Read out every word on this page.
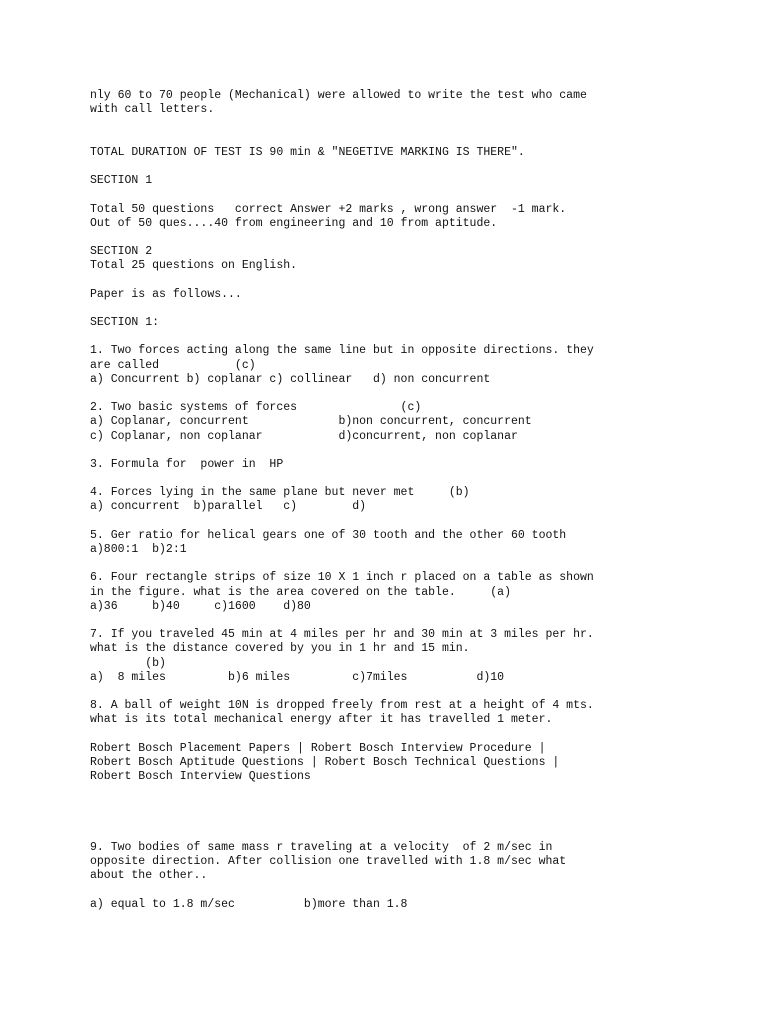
nly 60 to 70 people (Mechanical) were allowed to write the test who came
with call letters.
TOTAL DURATION OF TEST IS 90 min & "NEGETIVE MARKING IS THERE".
SECTION 1
Total 50 questions   correct Answer +2 marks , wrong answer  -1 mark.
Out of 50 ques....40 from engineering and 10 from aptitude.
SECTION 2
Total 25 questions on English.
Paper is as follows...
SECTION 1:
1. Two forces acting along the same line but in opposite directions. they
are called           (c)
a) Concurrent b) coplanar c) collinear   d) non concurrent
2. Two basic systems of forces               (c)
a) Coplanar, concurrent             b)non concurrent, concurrent
c) Coplanar, non coplanar           d)concurrent, non coplanar
3. Formula for  power in  HP
4. Forces lying in the same plane but never met     (b)
a) concurrent  b)parallel   c)        d)
5. Ger ratio for helical gears one of 30 tooth and the other 60 tooth
a)800:1  b)2:1
6. Four rectangle strips of size 10 X 1 inch r placed on a table as shown
in the figure. what is the area covered on the table.     (a)
a)36     b)40     c)1600    d)80
7. If you traveled 45 min at 4 miles per hr and 30 min at 3 miles per hr.
what is the distance covered by you in 1 hr and 15 min.
(b)
a)  8 miles         b)6 miles         c)7miles          d)10
8. A ball of weight 10N is dropped freely from rest at a height of 4 mts.
what is its total mechanical energy after it has travelled 1 meter.
Robert Bosch Placement Papers | Robert Bosch Interview Procedure |
Robert Bosch Aptitude Questions | Robert Bosch Technical Questions |
Robert Bosch Interview Questions
9. Two bodies of same mass r traveling at a velocity  of 2 m/sec in
opposite direction. After collision one travelled with 1.8 m/sec what
about the other..
a) equal to 1.8 m/sec          b)more than 1.8
